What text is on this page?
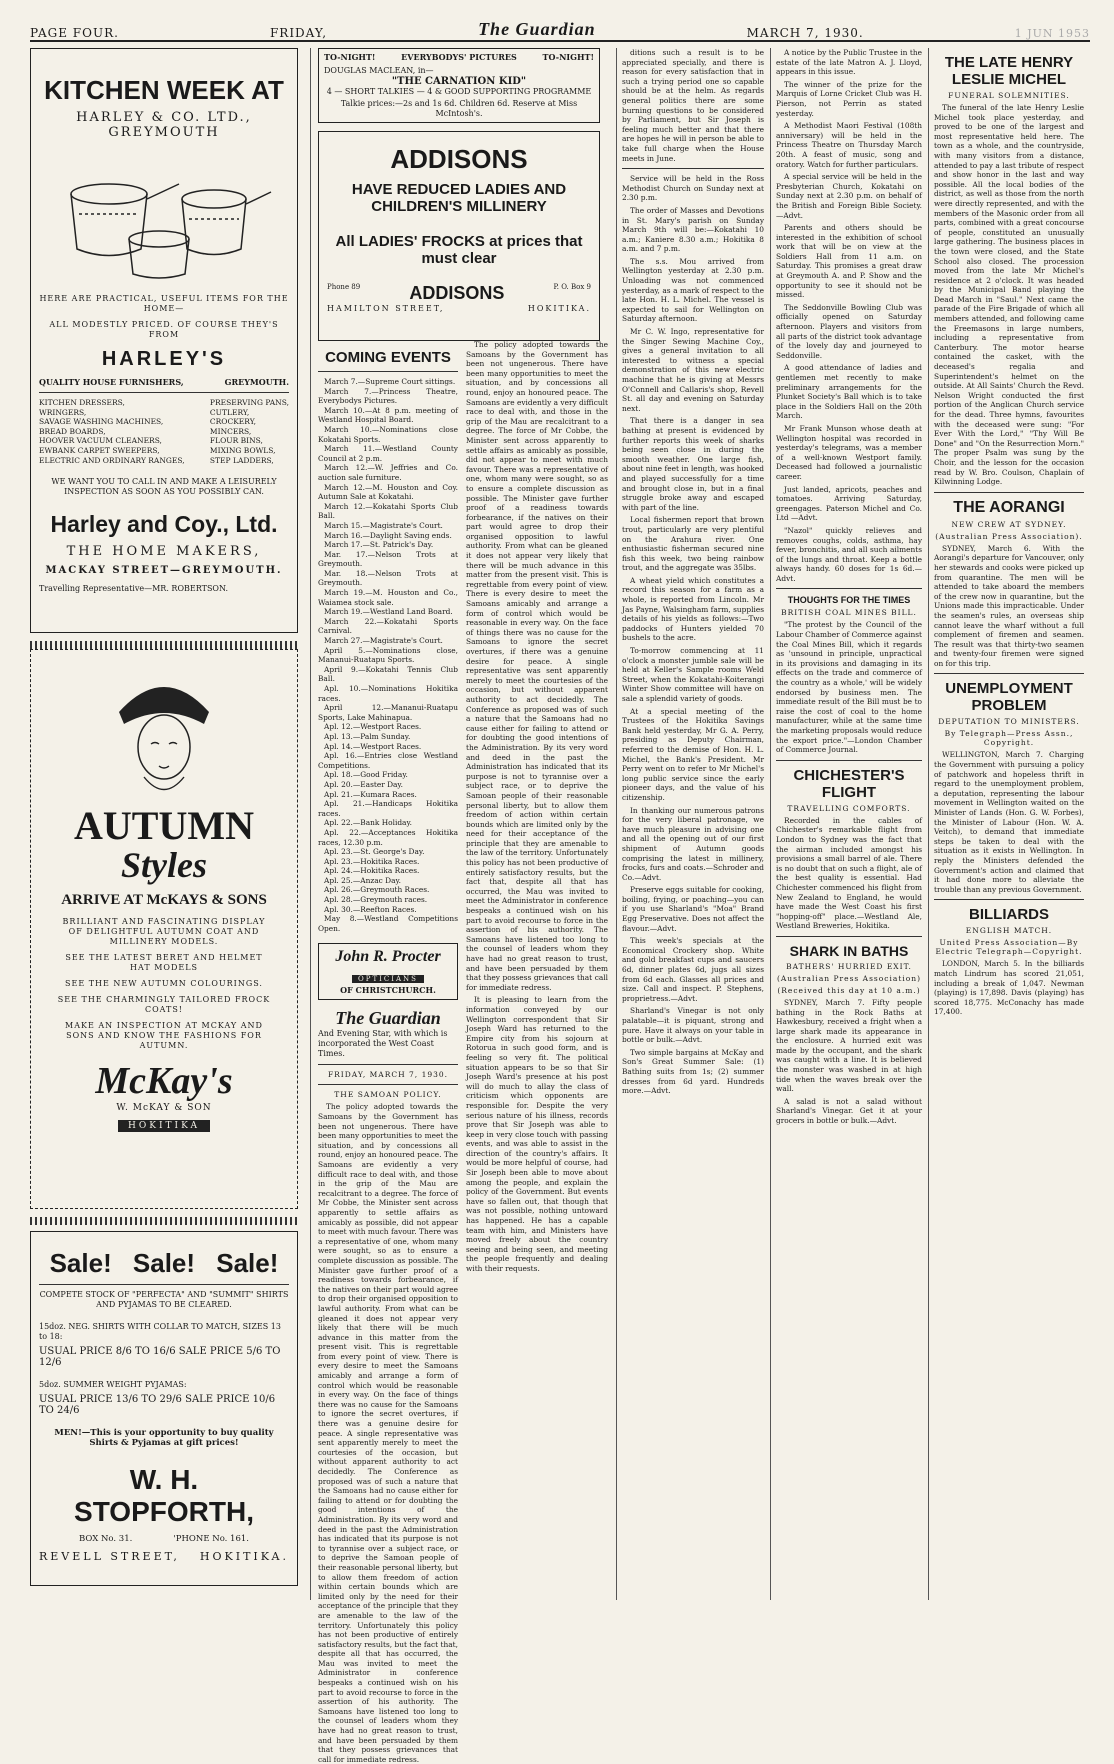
PAGE FOUR.	FRIDAY,	The Guardian	MARCH 7, 1930.	1 JUN 1953
KITCHEN WEEK AT
HARLEY & CO. LTD., GREYMOUTH
HERE ARE PRACTICAL, USEFUL ITEMS FOR THE HOME—
ALL MODESTLY PRICED. OF COURSE THEY'S FROM
HARLEY'S
QUALITY HOUSE FURNISHERS,	GREYMOUTH.
KITCHEN DRESSERS,
WRINGERS,
SAVAGE WASHING MACHINES,
BREAD BOARDS,
HOOVER VACUUM CLEANERS,
EWBANK CARPET SWEEPERS,
ELECTRIC AND ORDINARY RANGES,
PRESERVING PANS,
CUTLERY,
CROCKERY,
MINCERS,
FLOUR BINS,
MIXING BOWLS,
STEP LADDERS,
WE WANT YOU TO CALL IN AND MAKE A LEISURELY INSPECTION AS SOON AS YOU POSSIBLY CAN.
Harley and Coy., Ltd.
THE HOME MAKERS,
MACKAY STREET—GREYMOUTH.
Travelling Representative—MR. ROBERTSON.
AUTUMN
Styles
ARRIVE AT McKAYS & SONS

BRILLIANT AND FASCINATING DISPLAY OF DELIGHTFUL AUTUMN COAT AND MILLINERY MODELS.

SEE THE LATEST BERET AND HELMET HAT MODELS

SEE THE NEW AUTUMN COLOURINGS.

SEE THE CHARMINGLY TAILORED FROCK COATS!

MAKE AN INSPECTION AT MCKAY AND SONS AND KNOW THE FASHIONS FOR AUTUMN.

McKay's
W. McKAY & SON
HOKITIKA
Sale! Sale! Sale!
COMPETE STOCK OF "PERFECTA" AND "SUMMIT" SHIRTS AND PYJAMAS TO BE CLEARED.
15doz. NEG. SHIRTS WITH COLLAR TO MATCH, SIZES 13 to 18:
USUAL PRICE 8/6 TO 16/6 SALE PRICE 5/6 TO 12/6
5doz. SUMMER WEIGHT PYJAMAS:
USUAL PRICE 13/6 TO 29/6 SALE PRICE 10/6 TO 24/6
MEN!—This is your opportunity to buy quality Shirts & Pyjamas at gift prices!
W. H. STOPFORTH,
BOX No. 31.	'PHONE No. 161.
REVELL STREET, HOKITIKA.
TO-NIGHT!	EVERYBODYS' PICTURES	TO-NIGHT!
DOUGLAS MACLEAN, in—
"THE CARNATION KID"
4 — SHORT TALKIES — 4 & GOOD SUPPORTING PROGRAMME
Talkie prices:—2s and 1s 6d. Children 6d. Reserve at Miss McIntosh's.
ADDISONS
HAVE REDUCED LADIES AND CHILDREN'S MILLINERY
All LADIES' FROCKS at prices that must clear
Phone 89	ADDISONS	P. O. Box 9
HAMILTON STREET,	HOKITIKA.
COMING EVENTS
March 7.—Supreme Court sittings.
March 7.—Princess Theatre, Everybodys Pictures.
March 10.—At 8 p.m. meeting of Westland Hospital Board.
March 10.—Nominations close Kokatahi Sports.
March 11.—Westland County Council at 2 p.m.
March 12.—W. Jeffries and Co. auction sale furniture.
March 12.—M. Houston and Coy. Autumn Sale at Kokatahi.
March 12.—Kokatahi Sports Club Ball.
March 15.—Magistrate's Court.
March 16.—Daylight Saving ends.
March 17.—St. Patrick's Day.
Mar. 17.—Nelson Trots at Greymouth.
Mar. 18.—Nelson Trots at Greymouth.
March 19.—M. Houston and Co., Waiamea stock sale.
March 19.—Westland Land Board.
March 22.—Kokatahi Sports Carnival.
March 27.—Magistrate's Court.
April 5.—Nominations close, Mananui-Ruatapu Sports.
April 9.—Kokatahi Tennis Club Ball.
Apl. 10.—Nominations Hokitika races.
April 12.—Mananui-Ruatapu Sports, Lake Mahinapua.
Apl. 12.—Westport Races.
Apl. 13.—Palm Sunday.
Apl. 14.—Westport Races.
Apl. 16.—Entries close Westland Competitions.
Apl. 18.—Good Friday.
Apl. 20.—Easter Day.
Apl. 21.—Kumara Races.
Apl. 21.—Handicaps Hokitika races.
Apl. 22.—Bank Holiday.
Apl. 22.—Acceptances Hokitika races, 12.30 p.m.
Apl. 23.—St. George's Day.
Apl. 23.—Hokitika Races.
Apl. 24.—Hokitika Races.
Apl. 25.—Anzac Day.
Apl. 26.—Greymouth Races.
Apl. 28.—Greymouth races.
Apl. 30.—Reefton Races.
May 8.—Westland Competitions Open.
John R. Procter
OPTICIANS
OF CHRISTCHURCH.
The Guardian
And Evening Star, with which is incorporated the West Coast Times.
FRIDAY, MARCH 7, 1930.
THE SAMOAN POLICY.

The policy adopted towards the Samoans by the Government has been not ungenerous. There have been many opportunities to meet the situation, and by concessions all round, enjoy an honoured peace. The Samoans are evidently a very difficult race to deal with, and those in the grip of the Mau are recalcitrant to a degree. The force of Mr Cobbe, the Minister sent across apparently to settle affairs as amicably as possible, did not appear to meet with much favour. There was a representative of one, whom many were sought, so as to ensure a complete discussion as possible. The Minister gave further proof of a readiness towards forbearance, if the natives on their part would agree to drop their organised opposition to lawful authority. From what can be gleaned it does not appear very likely that there will be much advance in this matter from the present visit. This is regrettable from every point of view. There is every desire to meet the Samoans amicably and arrange a form of control which would be reasonable in every way. On the face of things there was no cause for the Samoans to ignore the secret overtures, if there was a genuine desire for peace. A single representative was sent apparently merely to meet the courtesies of the occasion, but without apparent authority to act decidedly. The Conference as proposed was of such a nature that the Samoans had no cause either for failing to attend or for doubting the good intentions of the Administration. By its very word and deed in the past the Administration has indicated that its purpose is not to tyrannise over a subject race, or to deprive the Samoan people of their reasonable personal liberty, but to allow them freedom of action within certain bounds which are limited only by the need for their acceptance of the principle that they are amenable to the law of the territory. Unfortunately this policy has not been productive of entirely satisfactory results, but the fact that, despite all that has occurred, the Mau was invited to meet the Administrator in conference bespeaks a continued wish on his part to avoid recourse to force in the assertion of his authority. The Samoans have listened too long to the counsel of leaders whom they have had no great reason to trust, and have been persuaded by them that they possess grievances that call for immediate redress.

The policy adopted towards the Samoans by the Government has been not ungenerous. There have been many opportunities to meet the situation, and by concessions all round, enjoy an honoured peace. The Samoans are evidently a very difficult race to deal with, and those in the grip of the Mau are recalcitrant to a degree. The force of Mr Cobbe, the Minister sent across apparently to settle affairs as amicably as possible, did not appear to meet with much favour. There was a representative of one, whom many were sought, so as to ensure a complete discussion as possible. The Minister gave further proof of a readiness towards forbearance, if the natives on their part would agree to drop their organised opposition to lawful authority. From what can be gleaned it does not appear very likely that there will be much advance in this matter from the present visit. This is regrettable from every point of view. There is every desire to meet the Samoans amicably and arrange a form of control which would be reasonable in every way. On the face of things there was no cause for the Samoans to ignore the secret overtures, if there was a genuine desire for peace. A single representative was sent apparently merely to meet the courtesies of the occasion, but without apparent authority to act decidedly. The Conference as proposed was of such a nature that the Samoans had no cause either for failing to attend or for doubting the good intentions of the Administration. By its very word and deed in the past the Administration has indicated that its purpose is not to tyrannise over a subject race, or to deprive the Samoan people of their reasonable personal liberty, but to allow them freedom of action within certain bounds which are limited only by the need for their acceptance of the principle that they are amenable to the law of the territory. Unfortunately this policy has not been productive of entirely satisfactory results, but the fact that, despite all that has occurred, the Mau was invited to meet the Administrator in conference bespeaks a continued wish on his part to avoid recourse to force in the assertion of his authority. The Samoans have listened too long to the counsel of leaders whom they have had no great reason to trust, and have been persuaded by them that they possess grievances that call for immediate redress.

It is pleasing to learn from the information conveyed by our Wellington correspondent that Sir Joseph Ward has returned to the Empire city from his sojourn at Rotorua in such good form, and is feeling so very fit. The political situation appears to be so that Sir Joseph Ward's presence at his post will do much to allay the class of criticism which opponents are responsible for. Despite the very serious nature of his illness, records prove that Sir Joseph was able to keep in very close touch with passing events, and was able to assist in the direction of the country's affairs. It would be more helpful of course, had Sir Joseph been able to move about among the people, and explain the policy of the Government. But events have so fallen out, that though that was not possible, nothing untoward has happened. He has a capable team with him, and Ministers have moved freely about the country seeing and being seen, and meeting the people frequently and dealing with their requests.

ditions such a result is to be appreciated specially, and there is reason for every satisfaction that in such a trying period one so capable should be at the helm. As regards general politics there are some burning questions to be considered by Parliament, but Sir Joseph is feeling much better and that there are hopes he will in person be able to take full charge when the House meets in June.

Service will be held in the Ross Methodist Church on Sunday next at 2.30 p.m.

The order of Masses and Devotions in St. Mary's parish on Sunday March 9th will be:—Kokatahi 10 a.m.; Kaniere 8.30 a.m.; Hokitika 8 a.m. and 7 p.m.

The s.s. Mou arrived from Wellington yesterday at 2.30 p.m. Unloading was not commenced yesterday, as a mark of respect to the late Hon. H. L. Michel. The vessel is expected to sail for Wellington on Saturday afternoon.

Mr C. W. Ingo, representative for the Singer Sewing Machine Coy., gives a general invitation to all interested to witness a special demonstration of this new electric machine that he is giving at Messrs O'Connell and Callaris's shop, Revell St. all day and evening on Saturday next.

That there is a danger in sea bathing at present is evidenced by further reports this week of sharks being seen close in during the smooth weather. One large fish, about nine feet in length, was hooked and played successfully for a time and brought close in, but in a final struggle broke away and escaped with part of the line.

Local fishermen report that brown trout, particularly are very plentiful on the Arahura river. One enthusiastic fisherman secured nine fish this week, two being rainbow trout, and the aggregate was 35lbs.

A wheat yield which constitutes a record this season for a farm as a whole, is reported from Lincoln. Mr Jas Payne, Walsingham farm, supplies details of his yields as follows:—Two paddocks of Hunters yielded 70 bushels to the acre.

To-morrow commencing at 11 o'clock a monster jumble sale will be held at Keller's Sample rooms Weld Street, when the Kokatahi-Koiterangi Winter Show committee will have on sale a splendid variety of goods.

At a special meeting of the Trustees of the Hokitika Savings Bank held yesterday, Mr G. A. Perry, presiding as Deputy Chairman, referred to the demise of Hon. H. L. Michel, the Bank's President. Mr Perry went on to refer to Mr Michel's long public service since the early pioneer days, and the value of his citizenship.

In thanking our numerous patrons for the very liberal patronage, we have much pleasure in advising one and all the opening out of our first shipment of Autumn goods comprising the latest in millinery, frocks, furs and coats.—Schroder and Co.—Advt.

Preserve eggs suitable for cooking, boiling, frying, or poaching—you can if you use Sharland's "Moa" Brand Egg Preservative. Does not affect the flavour.—Advt.

This week's specials at the Economical Crockery shop. White and gold breakfast cups and saucers 6d, dinner plates 6d, jugs all sizes from 6d each. Glasses all prices and size. Call and inspect. P. Stephens, proprietress.—Advt.

Sharland's Vinegar is not only palatable—it is piquant, strong and pure. Have it always on your table in bottle or bulk.—Advt.

Two simple bargains at McKay and Son's Great Summer Sale: (1) Bathing suits from 1s; (2) summer dresses from 6d yard. Hundreds more.—Advt.

A notice by the Public Trustee in the estate of the late Matron A. J. Lloyd, appears in this issue.

The winner of the prize for the Marquis of Lorne Cricket Club was H. Pierson, not Perrin as stated yesterday.

A Methodist Maori Festival (108th anniversary) will be held in the Princess Theatre on Thursday March 20th. A feast of music, song and oratory. Watch for further particulars.

A special service will be held in the Presbyterian Church, Kokatahi on Sunday next at 2.30 p.m. on behalf of the British and Foreign Bible Society.—Advt.

Parents and others should be interested in the exhibition of school work that will be on view at the Soldiers Hall from 11 a.m. on Saturday. This promises a great draw at Greymouth A. and P. Show and the opportunity to see it should not be missed.

The Seddonville Bowling Club was officially opened on Saturday afternoon. Players and visitors from all parts of the district took advantage of the lovely day and journeyed to Seddonville.

A good attendance of ladies and gentlemen met recently to make preliminary arrangements for the Plunket Society's Ball which is to take place in the Soldiers Hall on the 20th March.

Mr Frank Munson whose death at Wellington hospital was recorded in yesterday's telegrams, was a member of a well-known Westport family. Deceased had followed a journalistic career.

Just landed, apricots, peaches and tomatoes. Arriving Saturday, greengages. Paterson Michel and Co. Ltd —Advt.

"Nazol" quickly relieves and removes coughs, colds, asthma, hay fever, bronchitis, and all such ailments of the lungs and throat. Keep a bottle always handy. 60 doses for 1s 6d.—Advt.

THOUGHTS FOR THE TIMES
BRITISH COAL MINES BILL.

"The protest by the Council of the Labour Chamber of Commerce against the Coal Mines Bill, which it regards as 'unsound in principle, unpractical in its provisions and damaging in its effects on the trade and commerce of the country as a whole,' will be widely endorsed by business men. The immediate result of the Bill must be to raise the cost of coal to the home manufacturer, while at the same time the marketing proposals would reduce the export price."—London Chamber of Commerce Journal.

CHICHESTER'S FLIGHT
TRAVELLING COMFORTS.

Recorded in the cables of Chichester's remarkable flight from London to Sydney was the fact that the airman included amongst his provisions a small barrel of ale. There is no doubt that on such a flight, ale of the best quality is essential. Had Chichester commenced his flight from New Zealand to England, he would have made the West Coast his first "hopping-off" place.—Westland Ale, Westland Breweries, Hokitika.

SHARK IN BATHS
BATHERS' HURRIED EXIT.
(Australian Press Association)
(Received this day at 10 a.m.)

SYDNEY, March 7. Fifty people bathing in the Rock Baths at Hawkesbury, received a fright when a large shark made its appearance in the enclosure. A hurried exit was made by the occupant, and the shark was caught with a line. It is believed the monster was washed in at high tide when the waves break over the wall.

A salad is not a salad without Sharland's Vinegar. Get it at your grocers in bottle or bulk.—Advt.

THE LATE HENRY LESLIE MICHEL
FUNERAL SOLEMNITIES.

The funeral of the late Henry Leslie Michel took place yesterday, and proved to be one of the largest and most representative held here. The town as a whole, and the countryside, with many visitors from a distance, attended to pay a last tribute of respect and show honor in the last and way possible. All the local bodies of the district, as well as those from the north were directly represented, and with the members of the Masonic order from all parts, combined with a great concourse of people, constituted an unusually large gathering. The business places in the town were closed, and the State School also closed. The procession moved from the late Mr Michel's residence at 2 o'clock. It was headed by the Municipal Band playing the Dead March in "Saul." Next came the parade of the Fire Brigade of which all members attended, and following came the Freemasons in large numbers, including a representative from Canterbury. The motor hearse contained the casket, with the deceased's regalia and Superintendent's helmet on the outside. At All Saints' Church the Revd. Nelson Wright conducted the first portion of the Anglican Church service for the dead. Three hymns, favourites with the deceased were sung: "For Ever With the Lord," "Thy Will Be Done" and "On the Resurrection Morn." The proper Psalm was sung by the Choir, and the lesson for the occasion read by W. Bro. Coulson, Chaplain of Kilwinning Lodge.

THE AORANGI
NEW CREW AT SYDNEY.
(Australian Press Association).

SYDNEY, March 6. With the Aorangi's departure for Vancouver, only her stewards and cooks were picked up from quarantine. The men will be attended to take aboard the members of the crew now in quarantine, but the Unions made this impracticable. Under the seamen's rules, an overseas ship cannot leave the wharf without a full complement of firemen and seamen. The result was that thirty-two seamen and twenty-four firemen were signed on for this trip.

UNEMPLOYMENT PROBLEM
DEPUTATION TO MINISTERS.
By Telegraph—Press Assn., Copyright.

WELLINGTON, March 7. Charging the Government with pursuing a policy of patchwork and hopeless thrift in regard to the unemployment problem, a deputation, representing the labour movement in Wellington waited on the Minister of Lands (Hon. G. W. Forbes), the Minister of Labour (Hon. W. A. Veitch), to demand that immediate steps be taken to deal with the situation as it exists in Wellington. In reply the Ministers defended the Government's action and claimed that it had done more to alleviate the trouble than any previous Government.

BILLIARDS
ENGLISH MATCH.
United Press Association—By Electric Telegraph—Copyright.

LONDON, March 5. In the billiards match Lindrum has scored 21,051, including a break of 1,047. Newman (playing) is 17,898. Davis (playing) has scored 18,775. McConachy has made 17,400.
